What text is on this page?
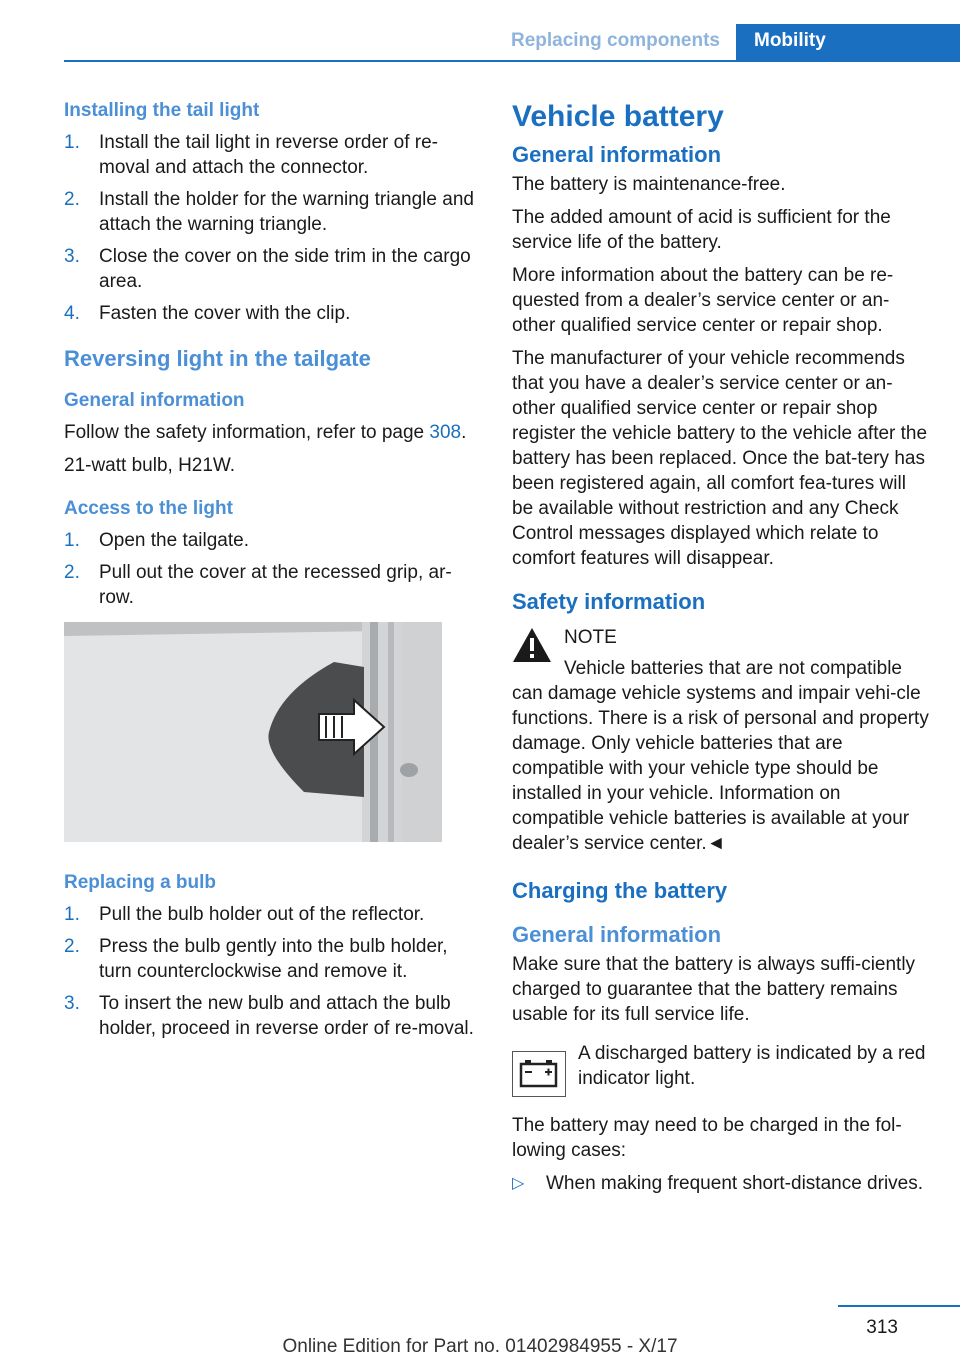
Replacing components	Mobility
Installing the tail light
1. Install the tail light in reverse order of re-moval and attach the connector.
2. Install the holder for the warning triangle and attach the warning triangle.
3. Close the cover on the side trim in the cargo area.
4. Fasten the cover with the clip.
Reversing light in the tailgate
General information

Follow the safety information, refer to page 308.

21-watt bulb, H21W.

Access to the light
1. Open the tailgate.
2. Pull out the cover at the recessed grip, ar-row.
Replacing a bulb
1. Pull the bulb holder out of the reflector.
2. Press the bulb gently into the bulb holder, turn counterclockwise and remove it.
3. To insert the new bulb and attach the bulb holder, proceed in reverse order of re-moval.
Vehicle battery
General information

The battery is maintenance-free.

The added amount of acid is sufficient for the service life of the battery.

More information about the battery can be re-quested from a dealer’s service center or an-other qualified service center or repair shop.

The manufacturer of your vehicle recommends that you have a dealer’s service center or an-other qualified service center or repair shop register the vehicle battery to the vehicle after the battery has been replaced. Once the bat-tery has been registered again, all comfort fea-tures will be available without restriction and any Check Control messages displayed which relate to comfort features will disappear.

Safety information
NOTE

Vehicle batteries that are not compatible can damage vehicle systems and impair vehi-cle functions. There is a risk of personal and property damage. Only vehicle batteries that are compatible with your vehicle type should be installed in your vehicle. Information on compatible vehicle batteries is available at your dealer’s service center.◄

Charging the battery
General information

Make sure that the battery is always suffi-ciently charged to guarantee that the battery remains usable for its full service life.

A discharged battery is indicated by a red indicator light.

The battery may need to be charged in the fol-lowing cases:

▷ When making frequent short-distance drives.
313
Online Edition for Part no. 01402984955 - X/17
